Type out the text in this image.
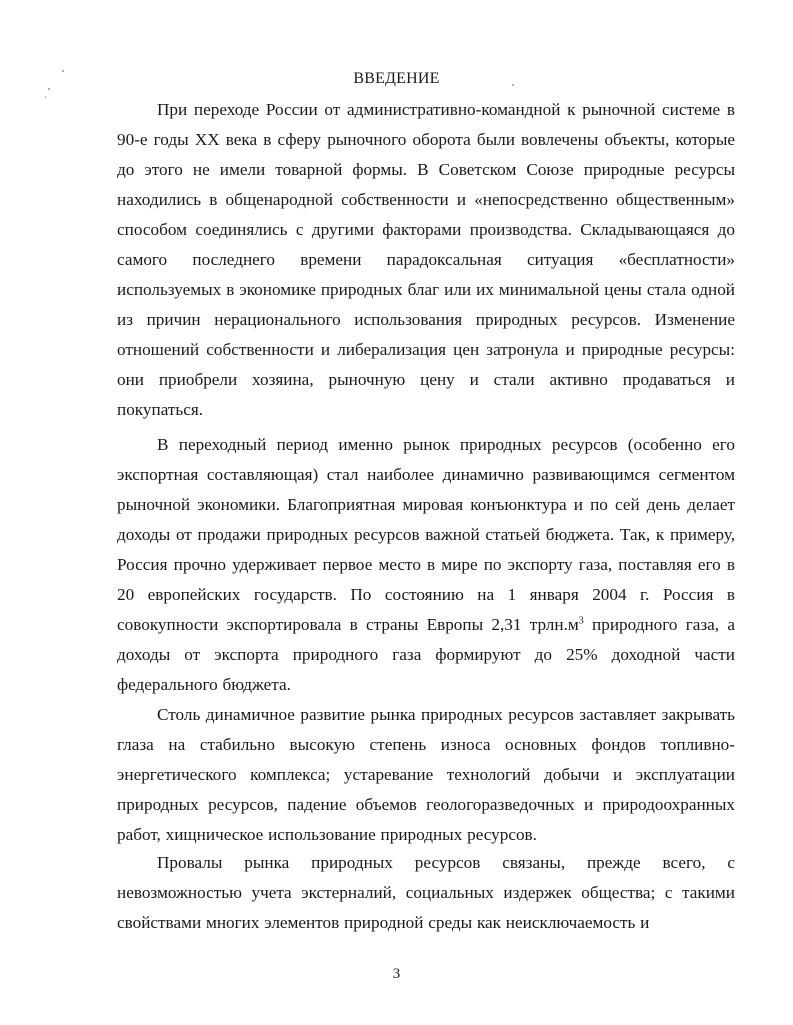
ВВЕДЕНИЕ

При переходе России от административно-командной к рыночной системе в 90-е годы XX века в сферу рыночного оборота были вовлечены объекты, которые до этого не имели товарной формы. В Советском Союзе природные ресурсы находились в общенародной собственности и «непосредственно общественным» способом соединялись с другими факторами производства. Складывающаяся до самого последнего времени парадоксальная ситуация «бесплатности» используемых в экономике природных благ или их минимальной цены стала одной из причин нерационального использования природных ресурсов. Изменение отношений собственности и либерализация цен затронула и природные ресурсы: они приобрели хозяина, рыночную цену и стали активно продаваться и покупаться.

В переходный период именно рынок природных ресурсов (особенно его экспортная составляющая) стал наиболее динамично развивающимся сегментом рыночной экономики. Благоприятная мировая конъюнктура и по сей день делает доходы от продажи природных ресурсов важной статьей бюджета. Так, к примеру, Россия прочно удерживает первое место в мире по экспорту газа, поставляя его в 20 европейских государств. По состоянию на 1 января 2004 г. Россия в совокупности экспортировала в страны Европы 2,31 $трлн.м^3$ природного газа, а доходы от экспорта природного газа формируют до 25% доходной части федерального бюджета.

Столь динамичное развитие рынка природных ресурсов заставляет закрывать глаза на стабильно высокую степень износа основных фондов топливно-энергетического комплекса; устаревание технологий добычи и эксплуатации природных ресурсов, падение объемов геологоразведочных и природоохранных работ, хищническое использование природных ресурсов.

Провалы рынка природных ресурсов связаны, прежде всего, с невозможностью учета экстерналий, социальных издержек общества; с такими свойствами многих элементов природной среды как неисключаемость и

3
